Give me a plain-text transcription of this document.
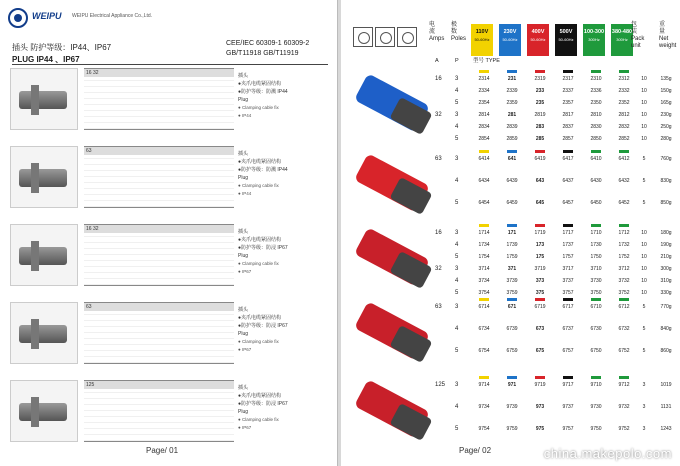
WEIPU WEIPU Electrical Appliance Co.,Ltd.
插头 防护等级：IP44、IP67
PLUG IP44 、IP67
CEE/IEC 60309-1 60309-2
GB/T11918 GB/T11919
16 32	插头
●夹爪电缆紧固结构
●防护等级：防溅 IP44
Plug
● Clamping cable fix
● IP44
63	插头
●夹爪电缆紧固结构
●防护等级：防溅 IP44
Plug
● Clamping cable fix
● IP44
16 32	插头
●夹爪电缆紧固结构
●防护等级：防浸 IP67
Plug
● Clamping cable fix
● IP67
63	插头
●夹爪电缆紧固结构
●防护等级：防浸 IP67
Plug
● Clamping cable fix
● IP67
125	插头
●夹爪电缆紧固结构
●防护等级：防浸 IP67
Plug
● Clamping cable fix
● IP67
Page/ 01
电流 Amps
极数 Poles
110V
50-60Hz
230V
50-60Hz
400V
50-60Hz
500V
50-60Hz
100-300
300Hz
380-480
300Hz
包装 Pack unit
重量 Net weight
A	P	型号 TYPE
16 3	2314	231	2319	2317	2310	2312	10	135g
4	2334	2339	233	2337	2336	2332	10	150g
5	2354	2359	235	2357	2350	2352	10	165g
32 3	2814	281	2819	2817	2810	2812	10	230g
4	2834	2839	283	2837	2830	2832	10	250g
5	2854	2859	285	2857	2850	2852	10	280g
63 3	6414	641	6419	6417	6410	6412	5	760g
4	6434	6439	643	6437	6430	6432	5	830g
5	6454	6459	645	6457	6450	6452	5	850g
16 3	1714	171	1719	1717	1710	1712	10	180g
4	1734	1739	173	1737	1730	1732	10	190g
5	1754	1759	175	1757	1750	1752	10	210g
32 3	3714	371	3719	3717	3710	3712	10	300g
4	3734	3739	373	3737	3730	3732	10	310g
5	3754	3759	375	3757	3750	3752	10	330g
63 3	6714	671	6719	6717	6710	6712	5	770g
4	6734	6739	673	6737	6730	6732	5	840g
5	6754	6759	675	6757	6750	6752	5	860g
125 3	9714	971	9719	9717	9710	9712	3	1019
4	9734	9739	973	9737	9730	9732	3	1131
5	9754	9759	975	9757	9750	9752	3	1243
Page/ 02	china.makepolo.com
